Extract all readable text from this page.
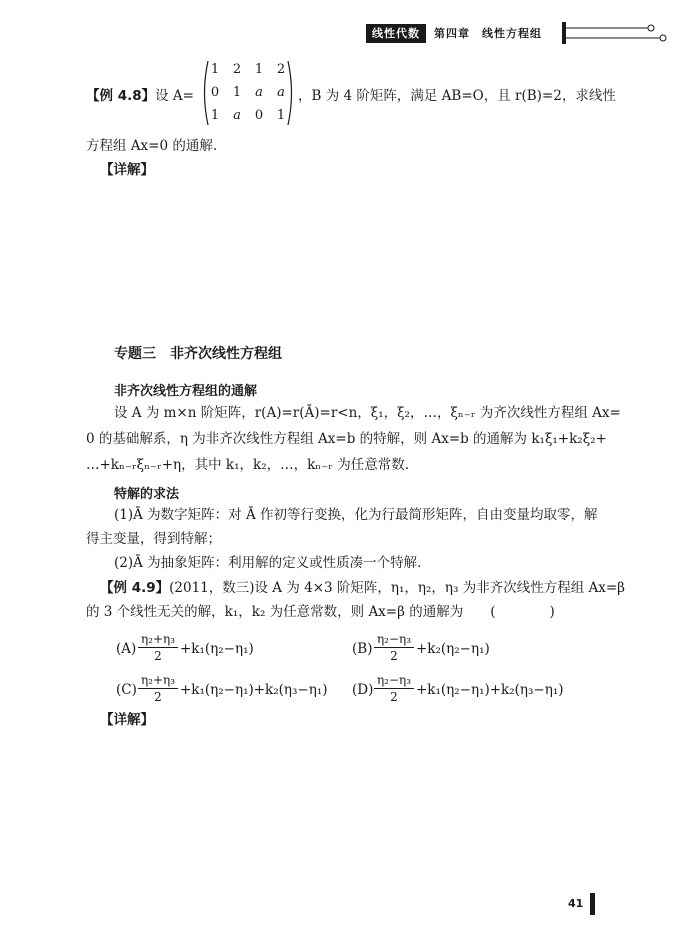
线性代数	第四章　线性方程组
【例 4.8】设 A=
1 2 1 2
0 1 a a
1 a 0 1
，B 为 4 阶矩阵，满足 AB=O，且 r(B)=2，求线性
方程组 Ax=0 的通解.
【详解】
专题三　非齐次线性方程组
非齐次线性方程组的通解
设 A 为 m×n 阶矩阵，r(A)=r(Ā)=r<n，ξ₁，ξ₂，…，ξₙ₋ᵣ 为齐次线性方程组 Ax=
0 的基础解系，η 为非齐次线性方程组 Ax=b 的特解，则 Ax=b 的通解为 k₁ξ₁+k₂ξ₂+
…+kₙ₋ᵣξₙ₋ᵣ+η，其中 k₁，k₂，…，kₙ₋ᵣ 为任意常数.
特解的求法
(1)Ā 为数字矩阵：对 Ā 作初等行变换，化为行最简形矩阵，自由变量均取零，解
得主变量，得到特解；
(2)Ā 为抽象矩阵：利用解的定义或性质凑一个特解.
【例 4.9】(2011，数三)设 A 为 4×3 阶矩阵，η₁，η₂，η₃ 为非齐次线性方程组 Ax=β
的 3 个线性无关的解，k₁，k₂ 为任意常数，则 Ax=β 的通解为　　(　　　　)
(A)
η₂+η₃
2	+k₁(η₂−η₁)	(B)
η₂−η₃
2	+k₂(η₂−η₁)
(C)
η₂+η₃
2	+k₁(η₂−η₁)+k₂(η₃−η₁) (D)
η₂−η₃
2	+k₁(η₂−η₁)+k₂(η₃−η₁)
【详解】
41
